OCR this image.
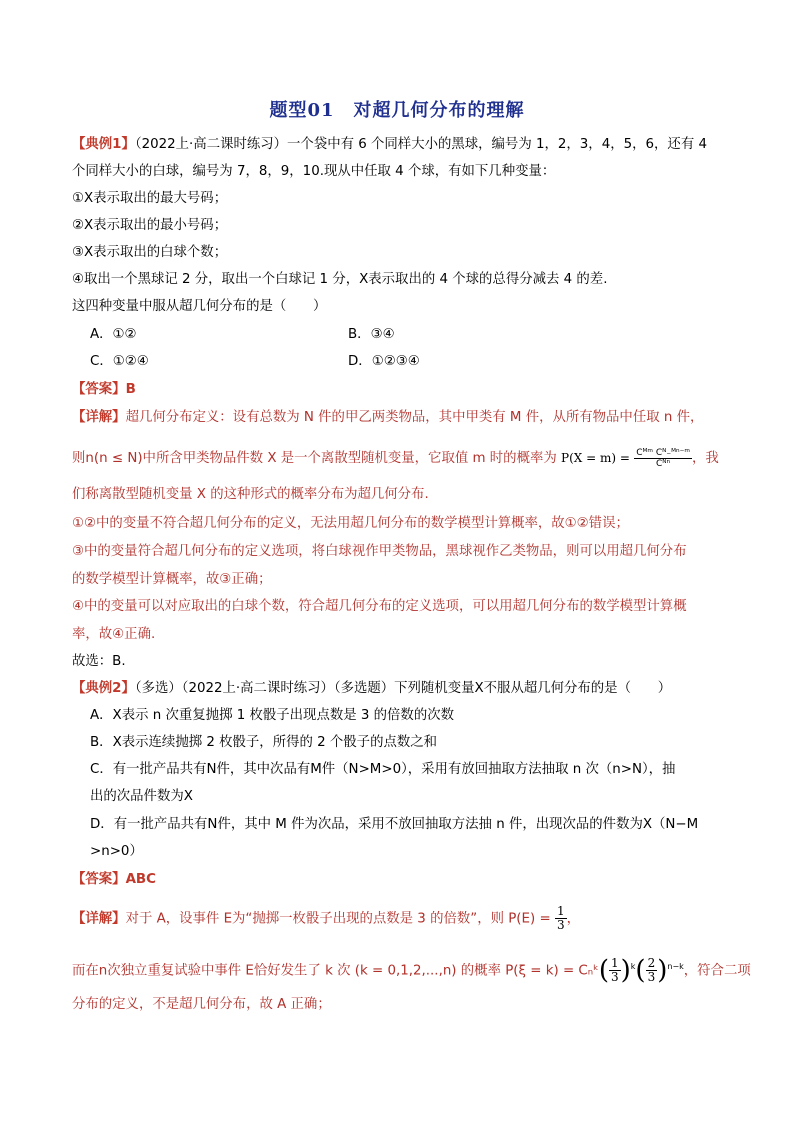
题型01　对超几何分布的理解
【典例1】（2022上·高二课时练习）一个袋中有 6 个同样大小的黑球，编号为 1，2，3，4，5，6，还有 4
个同样大小的白球，编号为 7，8，9，10.现从中任取 4 个球，有如下几种变量：
①X表示取出的最大号码；
②X表示取出的最小号码；
③X表示取出的白球个数；
④取出一个黑球记 2 分，取出一个白球记 1 分，X表示取出的 4 个球的总得分减去 4 的差.
这四种变量中服从超几何分布的是（　　）
A．①②	B．③④
C．①②④	D．①②③④
【答案】B
【详解】超几何分布定义：设有总数为 N 件的甲乙两类物品，其中甲类有 M 件，从所有物品中任取 n 件，
则n(n ≤ N)中所含甲类物品件数 X 是一个离散型随机变量，它取值 m 时的概率为 $P(X = m) = \frac{\text{Cᴹᵐ Cᴺ₋ᴹⁿ⁻ᵐ}}{\text{Cᴺⁿ}}$ ，我
们称离散型随机变量 X 的这种形式的概率分布为超几何分布.
①②中的变量不符合超几何分布的定义，无法用超几何分布的数学模型计算概率，故①②错误；
③中的变量符合超几何分布的定义选项，将白球视作甲类物品，黑球视作乙类物品，则可以用超几何分布
的数学模型计算概率，故③正确；
④中的变量可以对应取出的白球个数，符合超几何分布的定义选项，可以用超几何分布的数学模型计算概
率，故④正确.
故选：B.
【典例2】（多选）（2022上·高二课时练习）（多选题）下列随机变量X不服从超几何分布的是（　　）
A．X表示 n 次重复抛掷 1 枚骰子出现点数是 3 的倍数的次数
B．X表示连续抛掷 2 枚骰子，所得的 2 个骰子的点数之和
C．有一批产品共有N件，其中次品有M件（N>M>0），采用有放回抽取方法抽取 n 次（n>N），抽
出的次品件数为X
D．有一批产品共有N件，其中 M 件为次品，采用不放回抽取方法抽 n 件，出现次品的件数为X（N−M
>n>0）
【答案】ABC
【详解】对于 A，设事件 E为“抛掷一枚骰子出现的点数是 3 的倍数”，则 $P(E) = \frac{1}{3}$ ，
而在n次独立重复试验中事件 E恰好发生了 k 次 (k = 0,1,2,...,n) 的概率 P(ξ = k) = Cₙᵏ( $\frac{1}{3} )^k( \frac{2}{3} )^{n-k}$，符合二项
分布的定义，不是超几何分布，故 A 正确；
